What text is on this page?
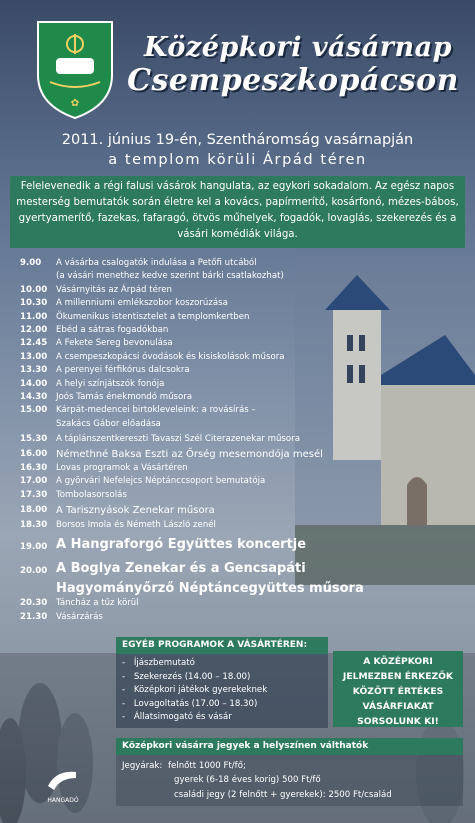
✿
Középkori vásárnap
Csempeszkopácson
2011. június 19-én, Szentháromság vasárnapján
a templom körüli Árpád téren
Felelevenedik a régi falusi vásárok hangulata, az egykori sokadalom. Az egész napos mesterség bemutatók során életre kel a kovács, papírmerítő, kosárfonó, mézes-bábos, gyertyamerítő, fazekas, fafaragó, ötvös műhelyek, fogadók, lovaglás, szekerezés és a vásári komédiák világa.
9.00	A vásárba csalogatók indulása a Petőfi utcából
(a vásári menethez kedve szerint bárki csatlakozhat)
10.00	Vásárnyitás az Árpád téren
10.30	A millenniumi emlékszobor koszorúzása
11.00	Ökumenikus istentisztelet a templomkertben
12.00	Ebéd a sátras fogadókban
12.45	A Fekete Sereg bevonulása
13.00	A csempeszkopácsi óvodások és kisiskolások műsora
13.30	A perenyei férfikórus dalcsokra
14.00	A helyi színjátszók fonója
14.30	Joós Tamás énekmondó műsora
15.00	Kárpát-medencei birtokleveleink: a rovásírás –
Szakács Gábor előadása
15.30	A táplánszentkereszti Tavaszi Szél Citerazenekar műsora
16.00 Némethné Baksa Eszti az Őrség mesemondója mesél
16.30	Lovas programok a Vásártéren
17.00	A györvári Nefelejcs Néptánccsoport bemutatója
17.30	Tombolasorsolás
18.00 A Tarisznyások Zenekar műsora
18.30	Borsos Imola és Németh László zenél
19.00 A Hangraforgó Együttes koncertje
20.00 A Boglya Zenekar és a Gencsapáti
Hagyományőrző Néptáncegyüttes műsora
20.30	Táncház a tűz körül
21.30	Vásárzárás
EGYÉB PROGRAMOK A VÁSÁRTÉREN:
- Íjászbemutató
- Szekerezés (14.00 – 18.00)
- Középkori játékok gyerekeknek
- Lovagoltatás (17.00 – 18.30)
- Állatsimogató és vásár
A KÖZÉPKORI JELMEZBEN ÉRKEZŐK KÖZÖTT ÉRTÉKES VÁSÁRFIAKAT SORSOLUNK KI!
Középkori vásárra jegyek a helyszínen válthatók
Jegyárak: felnőtt 1000 Ft/fő;
gyerek (6-18 éves korig) 500 Ft/fő
családi jegy (2 felnőtt + gyerekek): 2500 Ft/család
HANGADÓ
